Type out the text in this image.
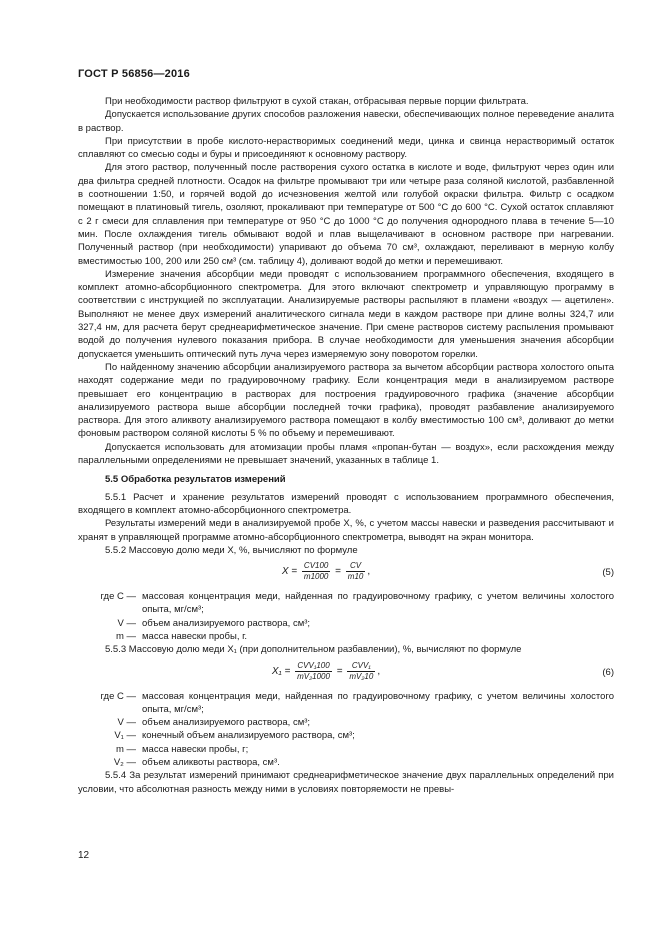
ГОСТ Р 56856—2016

При необходимости раствор фильтруют в сухой стакан, отбрасывая первые порции фильтрата.

Допускается использование других способов разложения навески, обеспечивающих полное переведение аналита в раствор.

При присутствии в пробе кислото-нерастворимых соединений меди, цинка и свинца нерастворимый остаток сплавляют со смесью соды и буры и присоединяют к основному раствору.

Для этого раствор, полученный после растворения сухого остатка в кислоте и воде, фильтруют через один или два фильтра средней плотности. Осадок на фильтре промывают три или четыре раза соляной кислотой, разбавленной в соотношении 1:50, и горячей водой до исчезновения желтой или голубой окраски фильтра. Фильтр с осадком помещают в платиновый тигель, озоляют, прокаливают при температуре от 500 °С до 600 °С. Сухой остаток сплавляют с 2 г смеси для сплавления при температуре от 950 °С до 1000 °С до получения однородного плава в течение 5—10 мин. После охлаждения тигель обмывают водой и плав выщелачивают в основном растворе при нагревании. Полученный раствор (при необходимости) упаривают до объема 70 см³, охлаждают, переливают в мерную колбу вместимостью 100, 200 или 250 см³ (см. таблицу 4), доливают водой до метки и перемешивают.

Измерение значения абсорбции меди проводят с использованием программного обеспечения, входящего в комплект атомно-абсорбционного спектрометра. Для этого включают спектрометр и управляющую программу в соответствии с инструкцией по эксплуатации. Анализируемые растворы распыляют в пламени «воздух — ацетилен». Выполняют не менее двух измерений аналитического сигнала меди в каждом растворе при длине волны 324,7 или 327,4 нм, для расчета берут среднеарифметическое значение. При смене растворов систему распыления промывают водой до получения нулевого показания прибора. В случае необходимости для уменьшения значения абсорбции допускается уменьшить оптический путь луча через измеряемую зону поворотом горелки.

По найденному значению абсорбции анализируемого раствора за вычетом абсорбции раствора холостого опыта находят содержание меди по градуировочному графику. Если концентрация меди в анализируемом растворе превышает его концентрацию в растворах для построения градуировочного графика (значение абсорбции анализируемого раствора выше абсорбции последней точки графика), проводят разбавление анализируемого раствора. Для этого аликвоту анализируемого раствора помещают в колбу вместимостью 100 см³, доливают до метки фоновым раствором соляной кислоты 5 % по объему и перемешивают.

Допускается использовать для атомизации пробы пламя «пропан-бутан — воздух», если расхождения между параллельными определениями не превышает значений, указанных в таблице 1.

5.5 Обработка результатов измерений

5.5.1 Расчет и хранение результатов измерений проводят с использованием программного обеспечения, входящего в комплект атомно-абсорбционного спектрометра.

Результаты измерений меди в анализируемой пробе X, %, с учетом массы навески и разведения рассчитывают и хранят в управляющей программе атомно-абсорбционного спектрометра, выводят на экран монитора.

5.5.2 Массовую долю меди X, %, вычисляют по формуле

$X = \frac{CV100}{m1000} = \frac{CV}{m10}$ ,	(5)
где C — массовая концентрация меди, найденная по градуировочному графику, с учетом величины холостого опыта, мг/см³;
V — объем анализируемого раствора, см³;
m — масса навески пробы, г.

5.5.3 Массовую долю меди X₁ (при дополнительном разбавлении), %, вычисляют по формуле

$X_1 = \frac{\text{CVV₁100}}{\text{mV₂1000}} = \frac{\text{CVV₁}}{\text{mV₂10}}$ ,	(6)
где C — массовая концентрация меди, найденная по градуировочному графику, с учетом величины холостого опыта, мг/см³;
V — объем анализируемого раствора, см³;
V₁ — конечный объем анализируемого раствора, см³;
m — масса навески пробы, г;
V₂ — объем аликвоты раствора, см³.

5.5.4 За результат измерений принимают среднеарифметическое значение двух параллельных определений при условии, что абсолютная разность между ними в условиях повторяемости не превы-

12
